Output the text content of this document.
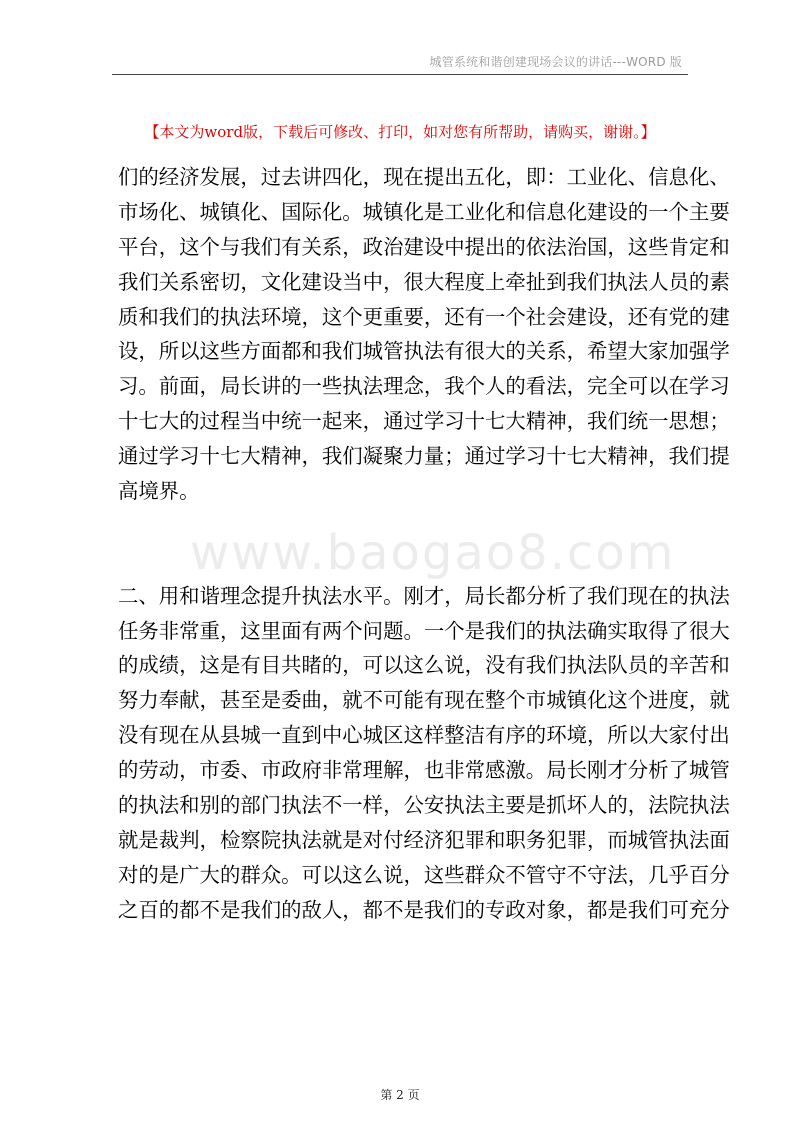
城管系统和谐创建现场会议的讲话---WORD 版
【本文为word版，下载后可修改、打印，如对您有所帮助，请购买，谢谢。】
www.baogao8.com
们的经济发展，过去讲四化，现在提出五化，即：工业化、信息化、
市场化、城镇化、国际化。城镇化是工业化和信息化建设的一个主要
平台，这个与我们有关系，政治建设中提出的依法治国，这些肯定和
我们关系密切，文化建设当中，很大程度上牵扯到我们执法人员的素
质和我们的执法环境，这个更重要，还有一个社会建设，还有党的建
设，所以这些方面都和我们城管执法有很大的关系，希望大家加强学
习。前面，局长讲的一些执法理念，我个人的看法，完全可以在学习
十七大的过程当中统一起来，通过学习十七大精神，我们统一思想；
通过学习十七大精神，我们凝聚力量；通过学习十七大精神，我们提
高境界。
二、用和谐理念提升执法水平。刚才，局长都分析了我们现在的执法
任务非常重，这里面有两个问题。一个是我们的执法确实取得了很大
的成绩，这是有目共睹的，可以这么说，没有我们执法队员的辛苦和
努力奉献，甚至是委曲，就不可能有现在整个市城镇化这个进度，就
没有现在从县城一直到中心城区这样整洁有序的环境，所以大家付出
的劳动，市委、市政府非常理解，也非常感激。局长刚才分析了城管
的执法和别的部门执法不一样，公安执法主要是抓坏人的，法院执法
就是裁判，检察院执法就是对付经济犯罪和职务犯罪，而城管执法面
对的是广大的群众。可以这么说，这些群众不管守不守法，几乎百分
之百的都不是我们的敌人，都不是我们的专政对象，都是我们可充分
第 2 页
